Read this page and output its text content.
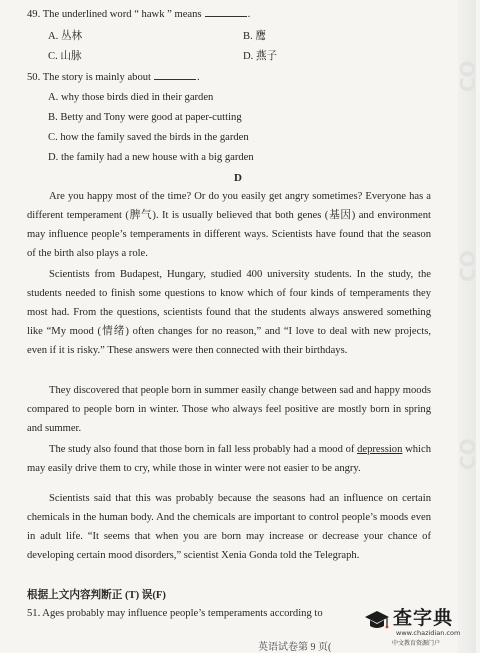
CO
CO
CO
49. The underlined word “ hawk ” means	.
A. 丛林	B. 鹰
C. 山脉	D. 燕子
50. The story is mainly about	.
A. why those birds died in their garden
B. Betty and Tony were good at paper-cutting
C. how the family saved the birds in the garden
D. the family had a new house with a big garden
D

Are you happy most of the time? Or do you easily get angry sometimes? Everyone has a different temperament (脾气). It is usually believed that both genes (基因) and environment may influence people’s temperaments in different ways. Scientists have found that the season of the birth also plays a role.

Scientists from Budapest, Hungary, studied 400 university students. In the study, the students needed to finish some questions to know which of four kinds of temperaments they most had. From the questions, scientists found that the students always answered something like “My mood (情绪) often changes for no reason,” and “I love to deal with new projects, even if it is risky.” These answers were then connected with their birthdays.

They discovered that people born in summer easily change between sad and happy moods compared to people born in winter. Those who always feel positive are mostly born in spring and summer.

The study also found that those born in fall less probably had a mood of depression which may easily drive them to cry, while those in winter were not easier to be angry.

Scientists said that this was probably because the seasons had an influence on certain chemicals in the human body. And the chemicals are important to control people’s moods even in adult life. “It seems that when you are born may increase or decrease your chance of developing certain mood disorders,” scientist Xenia Gonda told the Telegraph.

根据上文内容判断正 (T) 误(F)
51. Ages probably may influence people’s temperaments according to
英语试卷第 9 页(
查字典
www.chazidian.com
中文教育资源门户
